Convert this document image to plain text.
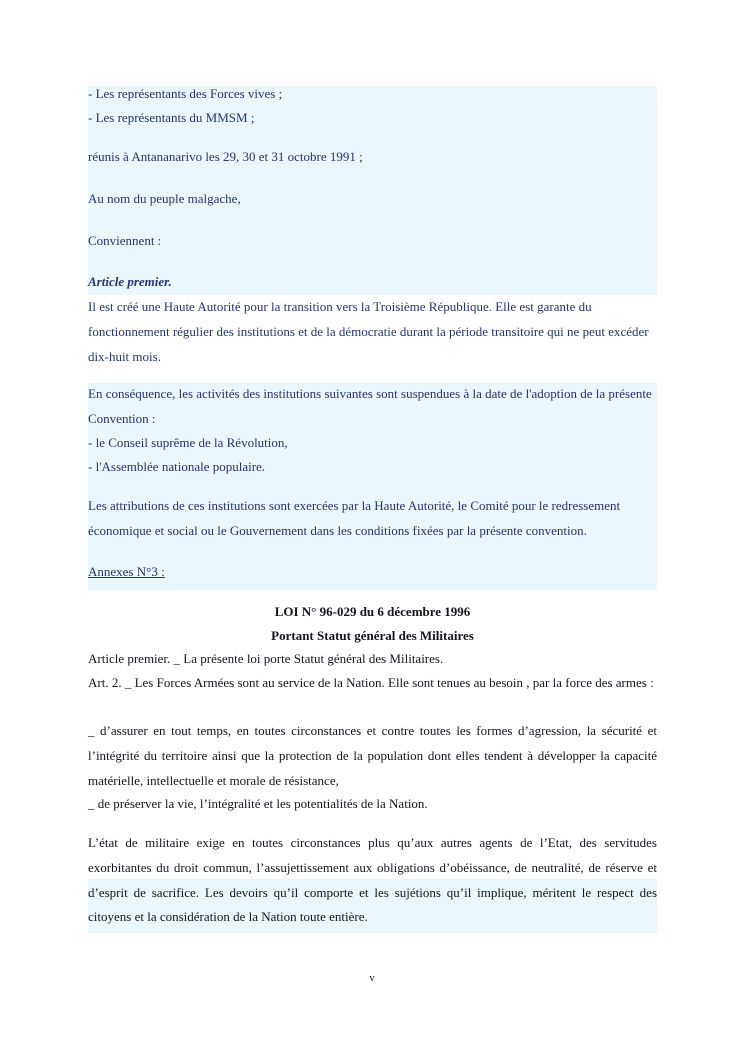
- Les représentants des Forces vives ;
- Les représentants du MMSM ;
réunis à Antananarivo les 29, 30 et 31 octobre 1991 ;
Au nom du peuple malgache,
Conviennent :
Article premier.
Il est créé une Haute Autorité pour la transition vers la Troisième République. Elle est garante du fonctionnement régulier des institutions et de la démocratie durant la période transitoire qui ne peut excéder dix-huit mois.
En conséquence, les activités des institutions suivantes sont suspendues à la date de l'adoption de la présente Convention :
- le Conseil suprême de la Révolution,
- l'Assemblée nationale populaire.
Les attributions de ces institutions sont exercées par la Haute Autorité, le Comité pour le redressement économique et social ou le Gouvernement dans les conditions fixées par la présente convention.
Annexes N°3 :
LOI N° 96-029 du 6 décembre 1996
Portant Statut général des Militaires
Article premier. _ La présente loi porte Statut général des Militaires.
Art. 2. _ Les Forces Armées sont au service de la Nation. Elle sont tenues au besoin , par la force des armes :
_ d’assurer en tout temps, en toutes circonstances et contre toutes les formes d’agression, la sécurité et l’intégrité du territoire ainsi que la protection de la population dont elles tendent à développer la capacité matérielle, intellectuelle et morale de résistance,
_ de préserver la vie, l’intégralité et les potentialités de la Nation.
L’état de militaire exige en toutes circonstances plus qu’aux autres agents de l’Etat, des servitudes exorbitantes du droit commun, l’assujettissement aux obligations d’obéissance, de neutralité, de réserve et d’esprit de sacrifice. Les devoirs qu’il comporte et les sujétions qu’il implique, méritent le respect des citoyens et la considération de la Nation toute entière.
v
